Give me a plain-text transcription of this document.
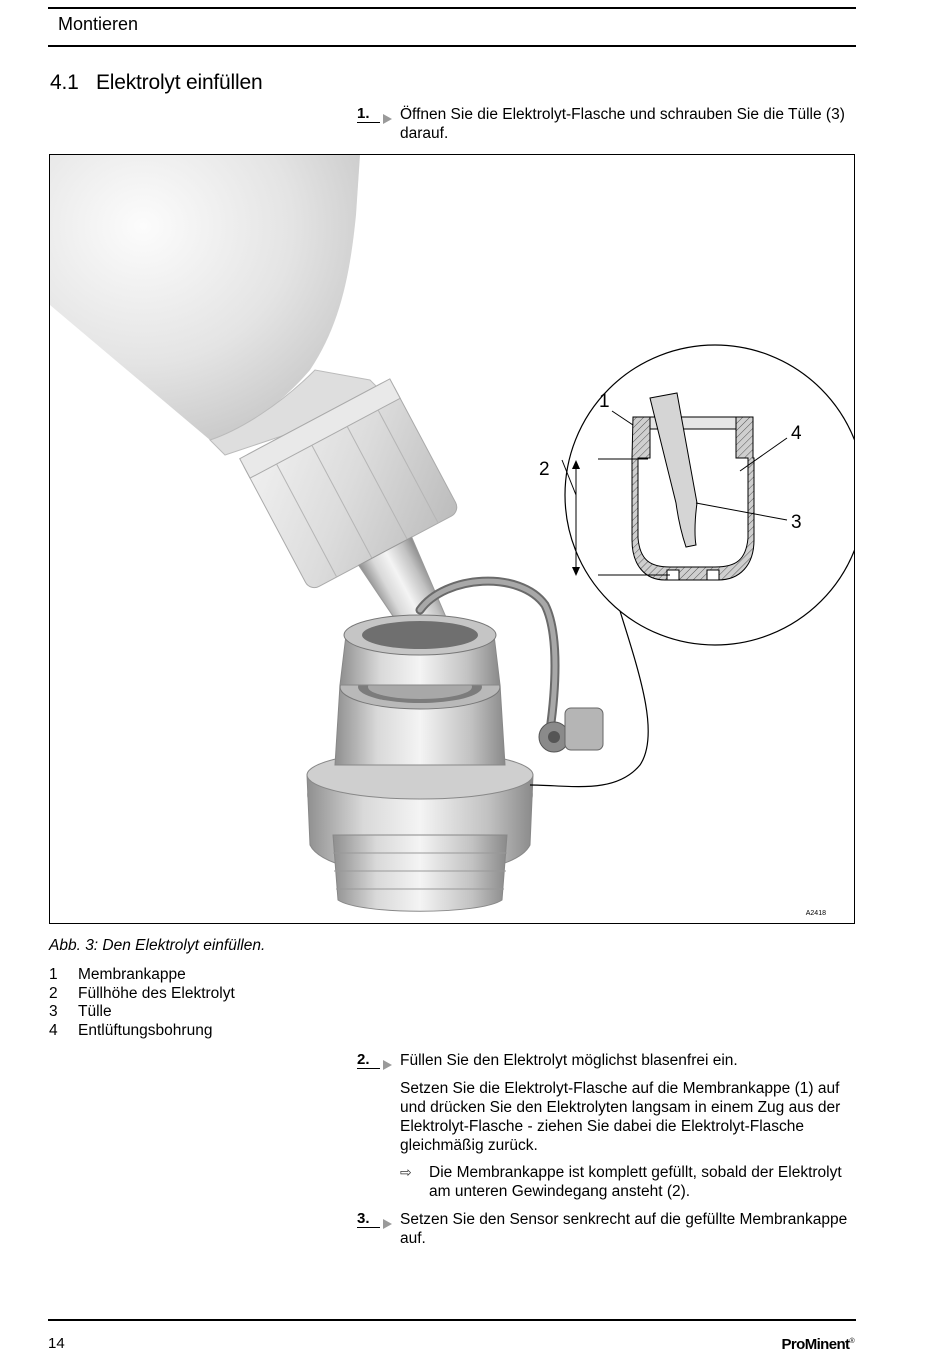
Montieren
4.1 Elektrolyt einfüllen
1.	Öffnen Sie die Elektrolyt-Flasche und schrauben Sie die Tülle (3) darauf.
1
2
3
4
A2418
Abb. 3: Den Elektrolyt einfüllen.
1	Membrankappe
2	Füllhöhe des Elektrolyt
3	Tülle
4	Entlüftungsbohrung
2.	Füllen Sie den Elektrolyt möglichst blasenfrei ein.
Setzen Sie die Elektrolyt-Flasche auf die Membrankappe (1) auf und drücken Sie den Elektrolyten langsam in einem Zug aus der Elektrolyt-Flasche - ziehen Sie dabei die Elektrolyt-Flasche gleichmäßig zurück.
⇨ Die Membrankappe ist komplett gefüllt, sobald der Elektrolyt am unteren Gewindegang ansteht (2).
3.	Setzen Sie den Sensor senkrecht auf die gefüllte Membrankappe auf.
14	ProMinent®
